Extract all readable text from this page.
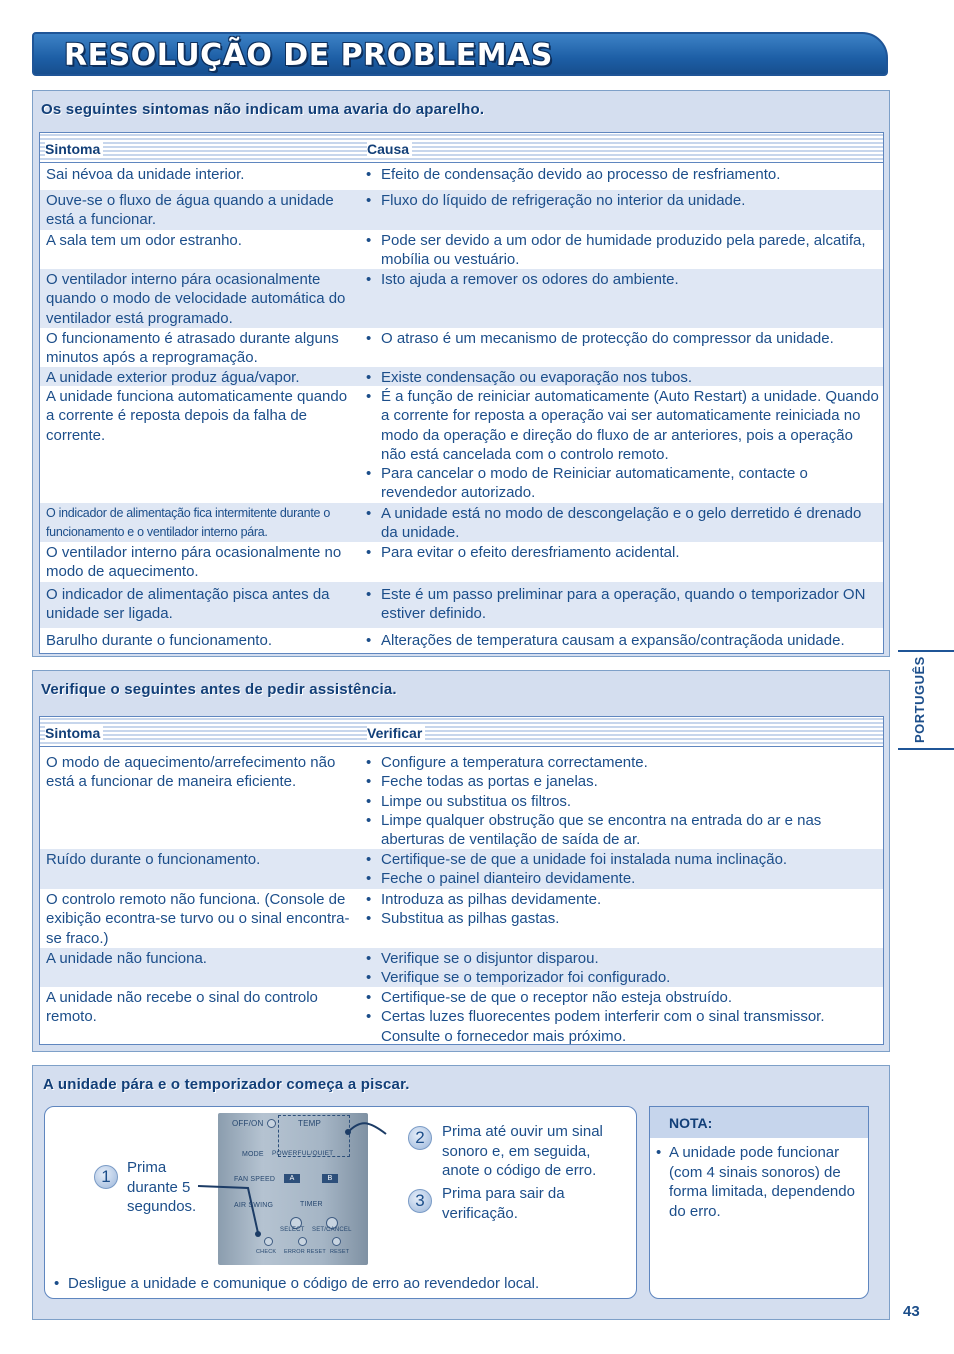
RESOLUÇÃO DE PROBLEMAS
PORTUGUÊS
Os seguintes sintomas não indicam uma avaria do aparelho.
Sintoma	Causa
Sai névoa da unidade interior.	• Efeito de condensação devido ao processo de resfriamento.
Ouve-se o fluxo de água quando a unidade está a funcionar.
• Fluxo do líquido de refrigeração no interior da unidade.
A sala tem um odor estranho.	• Pode ser devido a um odor de humidade produzido pela parede, alcatifa, mobília ou vestuário.
O ventilador interno pára ocasionalmente quando o modo de velocidade automática do ventilador está programado.
• Isto ajuda a remover os odores do ambiente.
O funcionamento é atrasado durante alguns minutos após a reprogramação.
• O atraso é um mecanismo de protecção do compressor da unidade.
A unidade exterior produz água/vapor.	• Existe condensação ou evaporação nos tubos.
A unidade funciona automaticamente quando a corrente é reposta depois da falha de corrente.
• É a função de reiniciar automaticamente (Auto Restart) a unidade. Quando a corrente for reposta a operação vai ser automaticamente reiniciada no modo da operação e direção do fluxo de ar anteriores, pois a operação não está cancelada com o controlo remoto.
• Para cancelar o modo de Reiniciar automaticamente, contacte o revendedor autorizado.
O indicador de alimentação fica intermitente durante o funcionamento e o ventilador interno pára.
• A unidade está no modo de descongelação e o gelo derretido é drenado da unidade.
O ventilador interno pára ocasionalmente no modo de aquecimento.
• Para evitar o efeito deresfriamento acidental.
O indicador de alimentação pisca antes da unidade ser ligada.
• Este é um passo preliminar para a operação, quando o temporizador ON estiver definido.
Barulho durante o funcionamento.	• Alterações de temperatura causam a expansão/contraçãoda unidade.
Verifique o seguintes antes de pedir assistência.
Sintoma	Verificar
O modo de aquecimento/arrefecimento não está a funcionar de maneira eficiente.
• Configure a temperatura correctamente.
• Feche todas as portas e janelas.
• Limpe ou substitua os filtros.
• Limpe qualquer obstrução que se encontra na entrada do ar e nas aberturas de ventilação de saída de ar.
Ruído durante o funcionamento.	• Certifique-se de que a unidade foi instalada numa inclinação.
• Feche o painel dianteiro devidamente.
O controlo remoto não funciona. (Console de exibição econtra-se turvo ou o sinal encontra-se fraco.)
• Introduza as pilhas devidamente.
• Substitua as pilhas gastas.
A unidade não funciona.	• Verifique se o disjuntor disparou.
• Verifique se o temporizador foi configurado.
A unidade não recebe o sinal do controlo remoto.
• Certifique-se de que o receptor não esteja obstruído.
• Certas luzes fluorecentes podem interferir com o sinal transmissor. Consulte o fornecedor mais próximo.
A unidade pára e o temporizador começa a piscar.
OFF/ON	TEMP
MODE POWERFUL/QUIET
FAN SPEED	A	B
AIR SWING	TIMER
SELECT SET/CANCEL
CHECK ERROR RESET RESET
1	Prima durante 5 segundos.
2	Prima até ouvir um sinal sonoro e, em seguida, anote o código de erro.
3	Prima para sair da verificação.
• Desligue a unidade e comunique o código de erro ao revendedor local.
NOTA:
• A unidade pode funcionar (com 4 sinais sonoros) de forma limitada, dependendo do erro.
43
